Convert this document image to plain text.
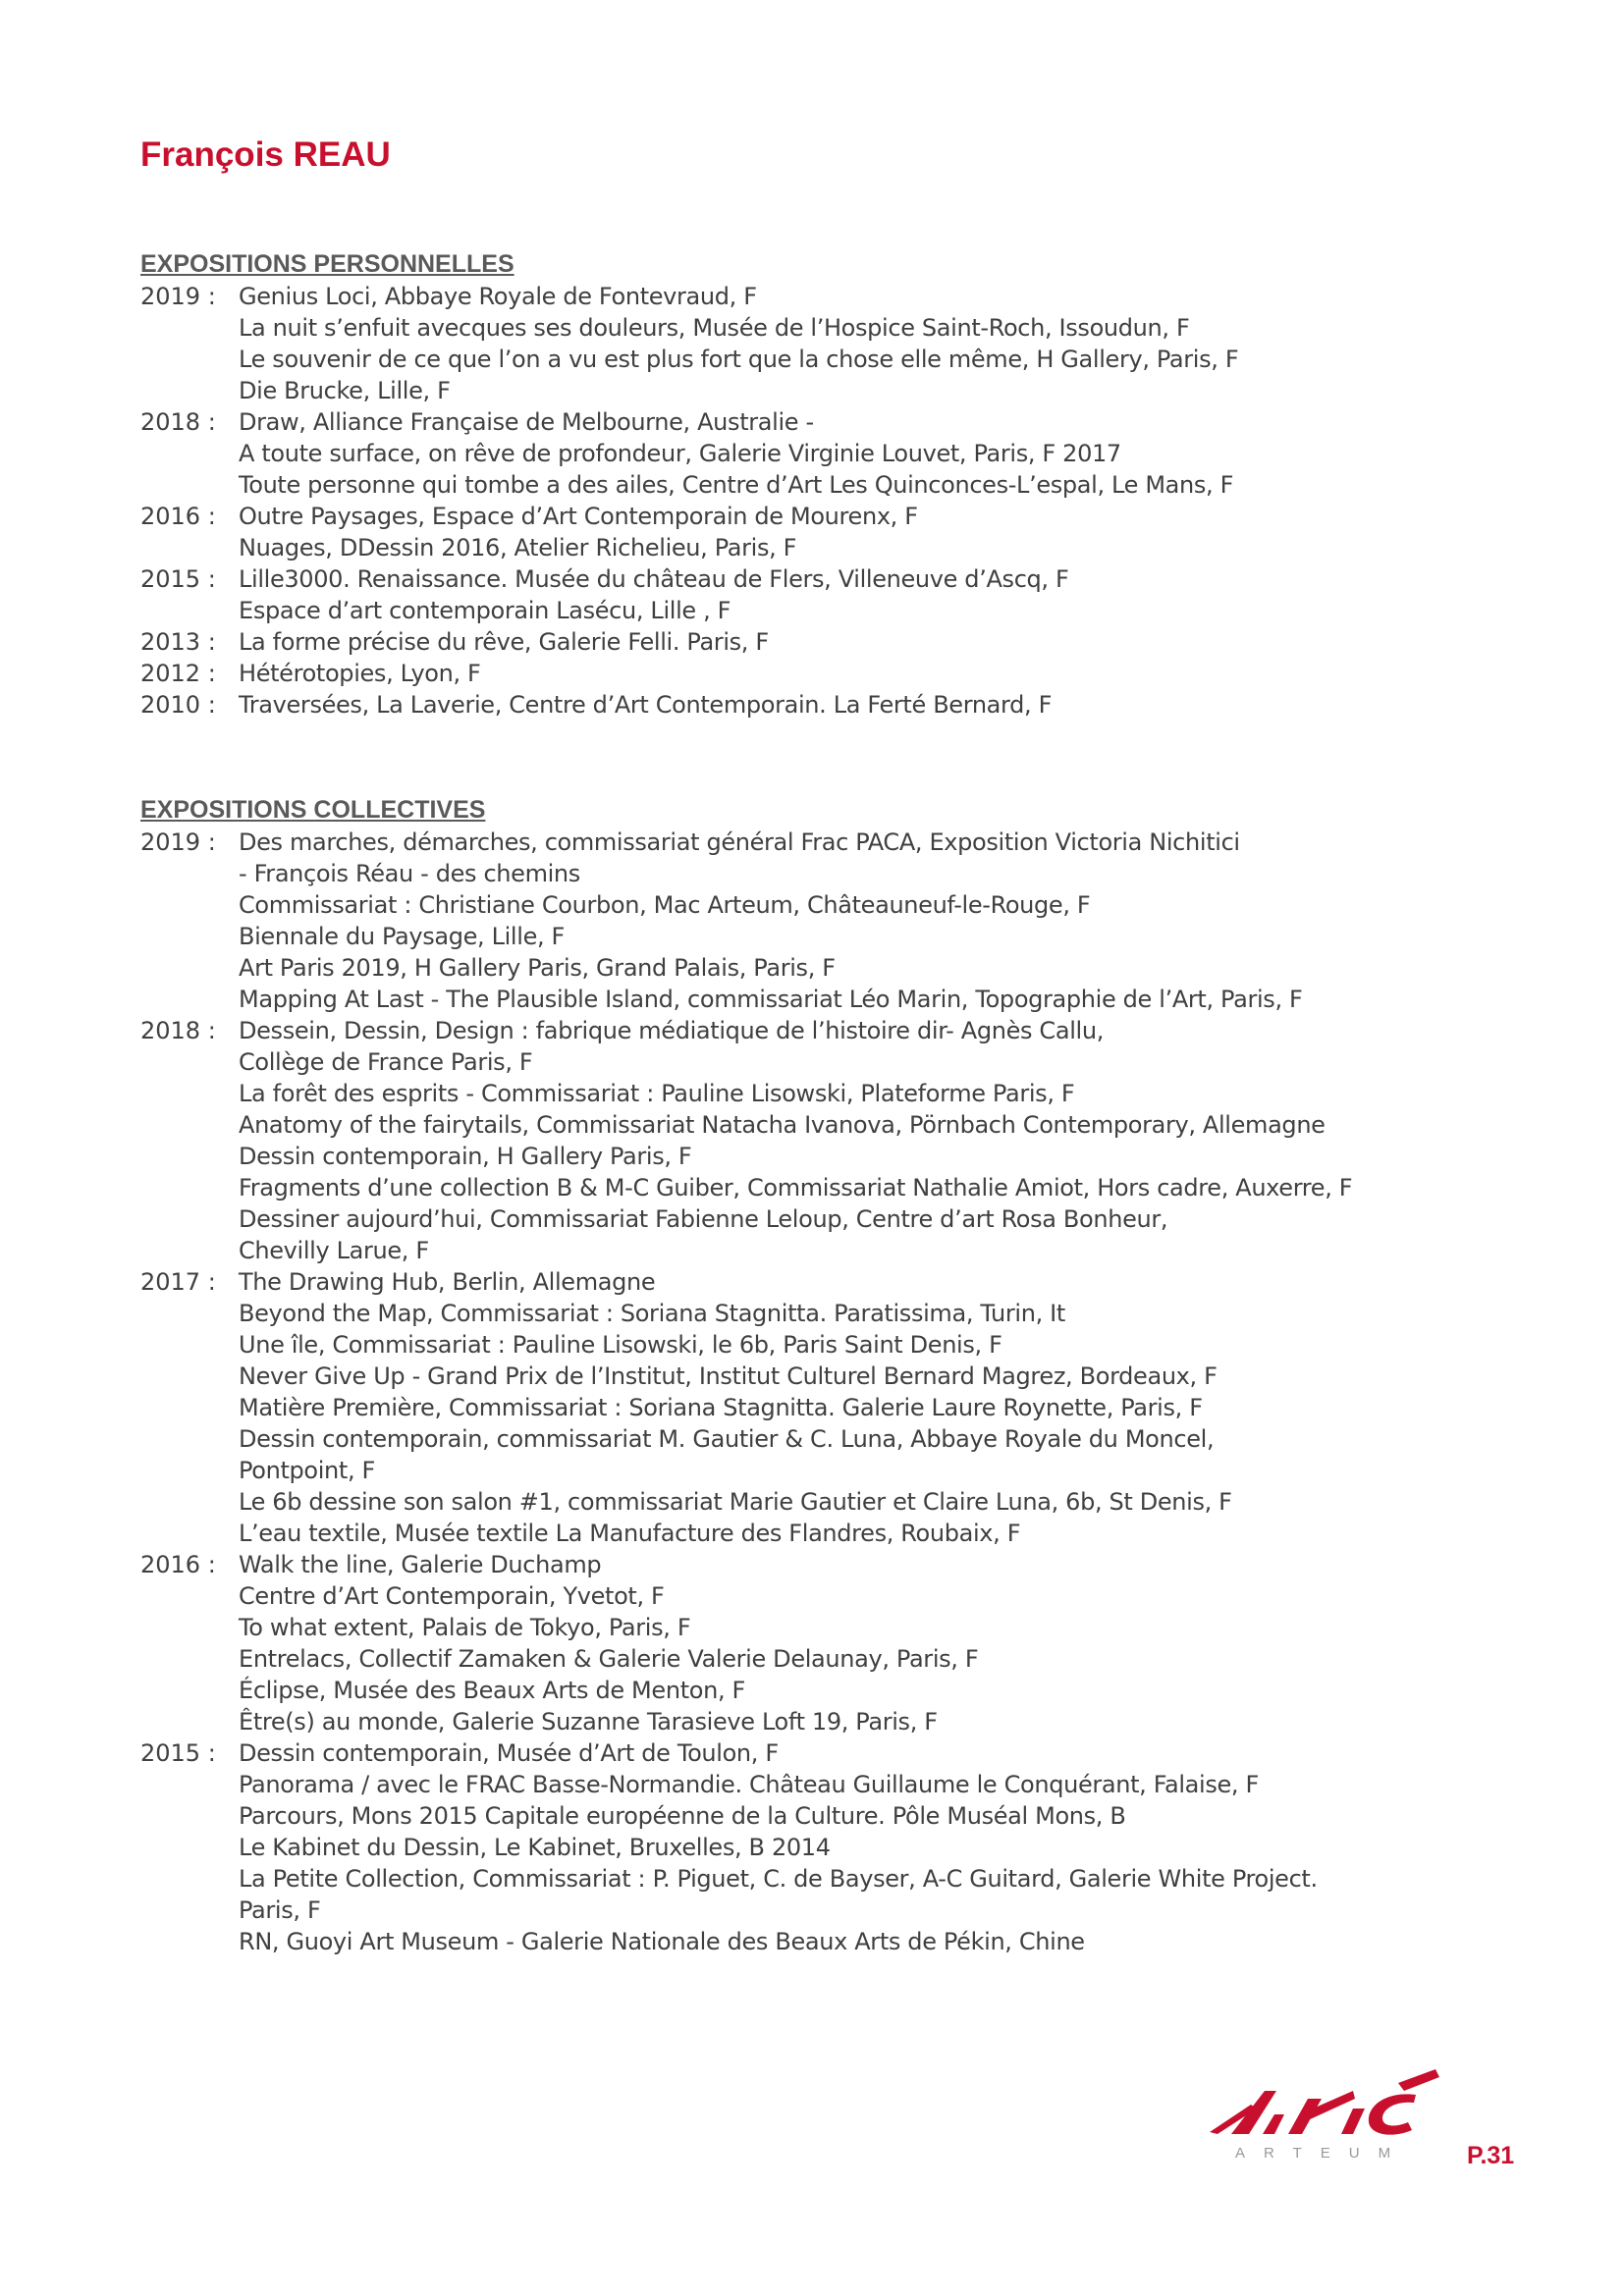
François REAU
EXPOSITIONS PERSONNELLES
2019 : Genius Loci, Abbaye Royale de Fontevraud, F
La nuit s’enfuit avecques ses douleurs, Musée de l’Hospice Saint-Roch, Issoudun, F
Le souvenir de ce que l’on a vu est plus fort que la chose elle même, H Gallery, Paris, F
Die Brucke, Lille, F
2018 : Draw, Alliance Française de Melbourne, Australie -
A toute surface, on rêve de profondeur, Galerie Virginie Louvet, Paris, F 2017
Toute personne qui tombe a des ailes, Centre d’Art Les Quinconces-L’espal, Le Mans, F
2016 : Outre Paysages, Espace d’Art Contemporain de Mourenx, F
Nuages, DDessin 2016, Atelier Richelieu, Paris, F
2015 : Lille3000. Renaissance. Musée du château de Flers, Villeneuve d’Ascq, F
Espace d’art contemporain Lasécu, Lille , F
2013 : La forme précise du rêve, Galerie Felli. Paris, F
2012 : Hétérotopies, Lyon, F
2010 : Traversées, La Laverie, Centre d’Art Contemporain. La Ferté Bernard, F
EXPOSITIONS COLLECTIVES
2019 : Des marches, démarches, commissariat général Frac PACA, Exposition Victoria Nichitici
- François Réau - des chemins
Commissariat : Christiane Courbon, Mac Arteum, Châteauneuf-le-Rouge, F
Biennale du Paysage, Lille, F
Art Paris 2019, H Gallery Paris, Grand Palais, Paris, F
Mapping At Last - The Plausible Island, commissariat Léo Marin, Topographie de l’Art, Paris, F
2018 : Dessein, Dessin, Design : fabrique médiatique de l’histoire dir- Agnès Callu,
Collège de France Paris, F
La forêt des esprits - Commissariat : Pauline Lisowski, Plateforme Paris, F
Anatomy of the fairytails, Commissariat Natacha Ivanova, Pörnbach Contemporary, Allemagne
Dessin contemporain, H Gallery Paris, F
Fragments d’une collection B & M-C Guiber, Commissariat Nathalie Amiot, Hors cadre, Auxerre, F
Dessiner aujourd’hui, Commissariat Fabienne Leloup, Centre d’art Rosa Bonheur,
Chevilly Larue, F
2017 : The Drawing Hub, Berlin, Allemagne
Beyond the Map, Commissariat : Soriana Stagnitta. Paratissima, Turin, It
Une île, Commissariat : Pauline Lisowski, le 6b, Paris Saint Denis, F
Never Give Up - Grand Prix de l’Institut, Institut Culturel Bernard Magrez, Bordeaux, F
Matière Première, Commissariat : Soriana Stagnitta. Galerie Laure Roynette, Paris, F
Dessin contemporain, commissariat M. Gautier & C. Luna, Abbaye Royale du Moncel,
Pontpoint, F
Le 6b dessine son salon #1, commissariat Marie Gautier et Claire Luna, 6b, St Denis, F
L’eau textile, Musée textile La Manufacture des Flandres, Roubaix, F
2016 : Walk the line, Galerie Duchamp
Centre d’Art Contemporain, Yvetot, F
To what extent, Palais de Tokyo, Paris, F
Entrelacs, Collectif Zamaken & Galerie Valerie Delaunay, Paris, F
Éclipse, Musée des Beaux Arts de Menton, F
Être(s) au monde, Galerie Suzanne Tarasieve Loft 19, Paris, F
2015 : Dessin contemporain, Musée d’Art de Toulon, F
Panorama / avec le FRAC Basse-Normandie. Château Guillaume le Conquérant, Falaise, F
Parcours, Mons 2015 Capitale européenne de la Culture. Pôle Muséal Mons, B
Le Kabinet du Dessin, Le Kabinet, Bruxelles, B 2014
La Petite Collection, Commissariat : P. Piguet, C. de Bayser, A-C Guitard, Galerie White Project.
Paris, F
RN, Guoyi Art Museum - Galerie Nationale des Beaux Arts de Pékin, Chine
ARTEUM	P.31
